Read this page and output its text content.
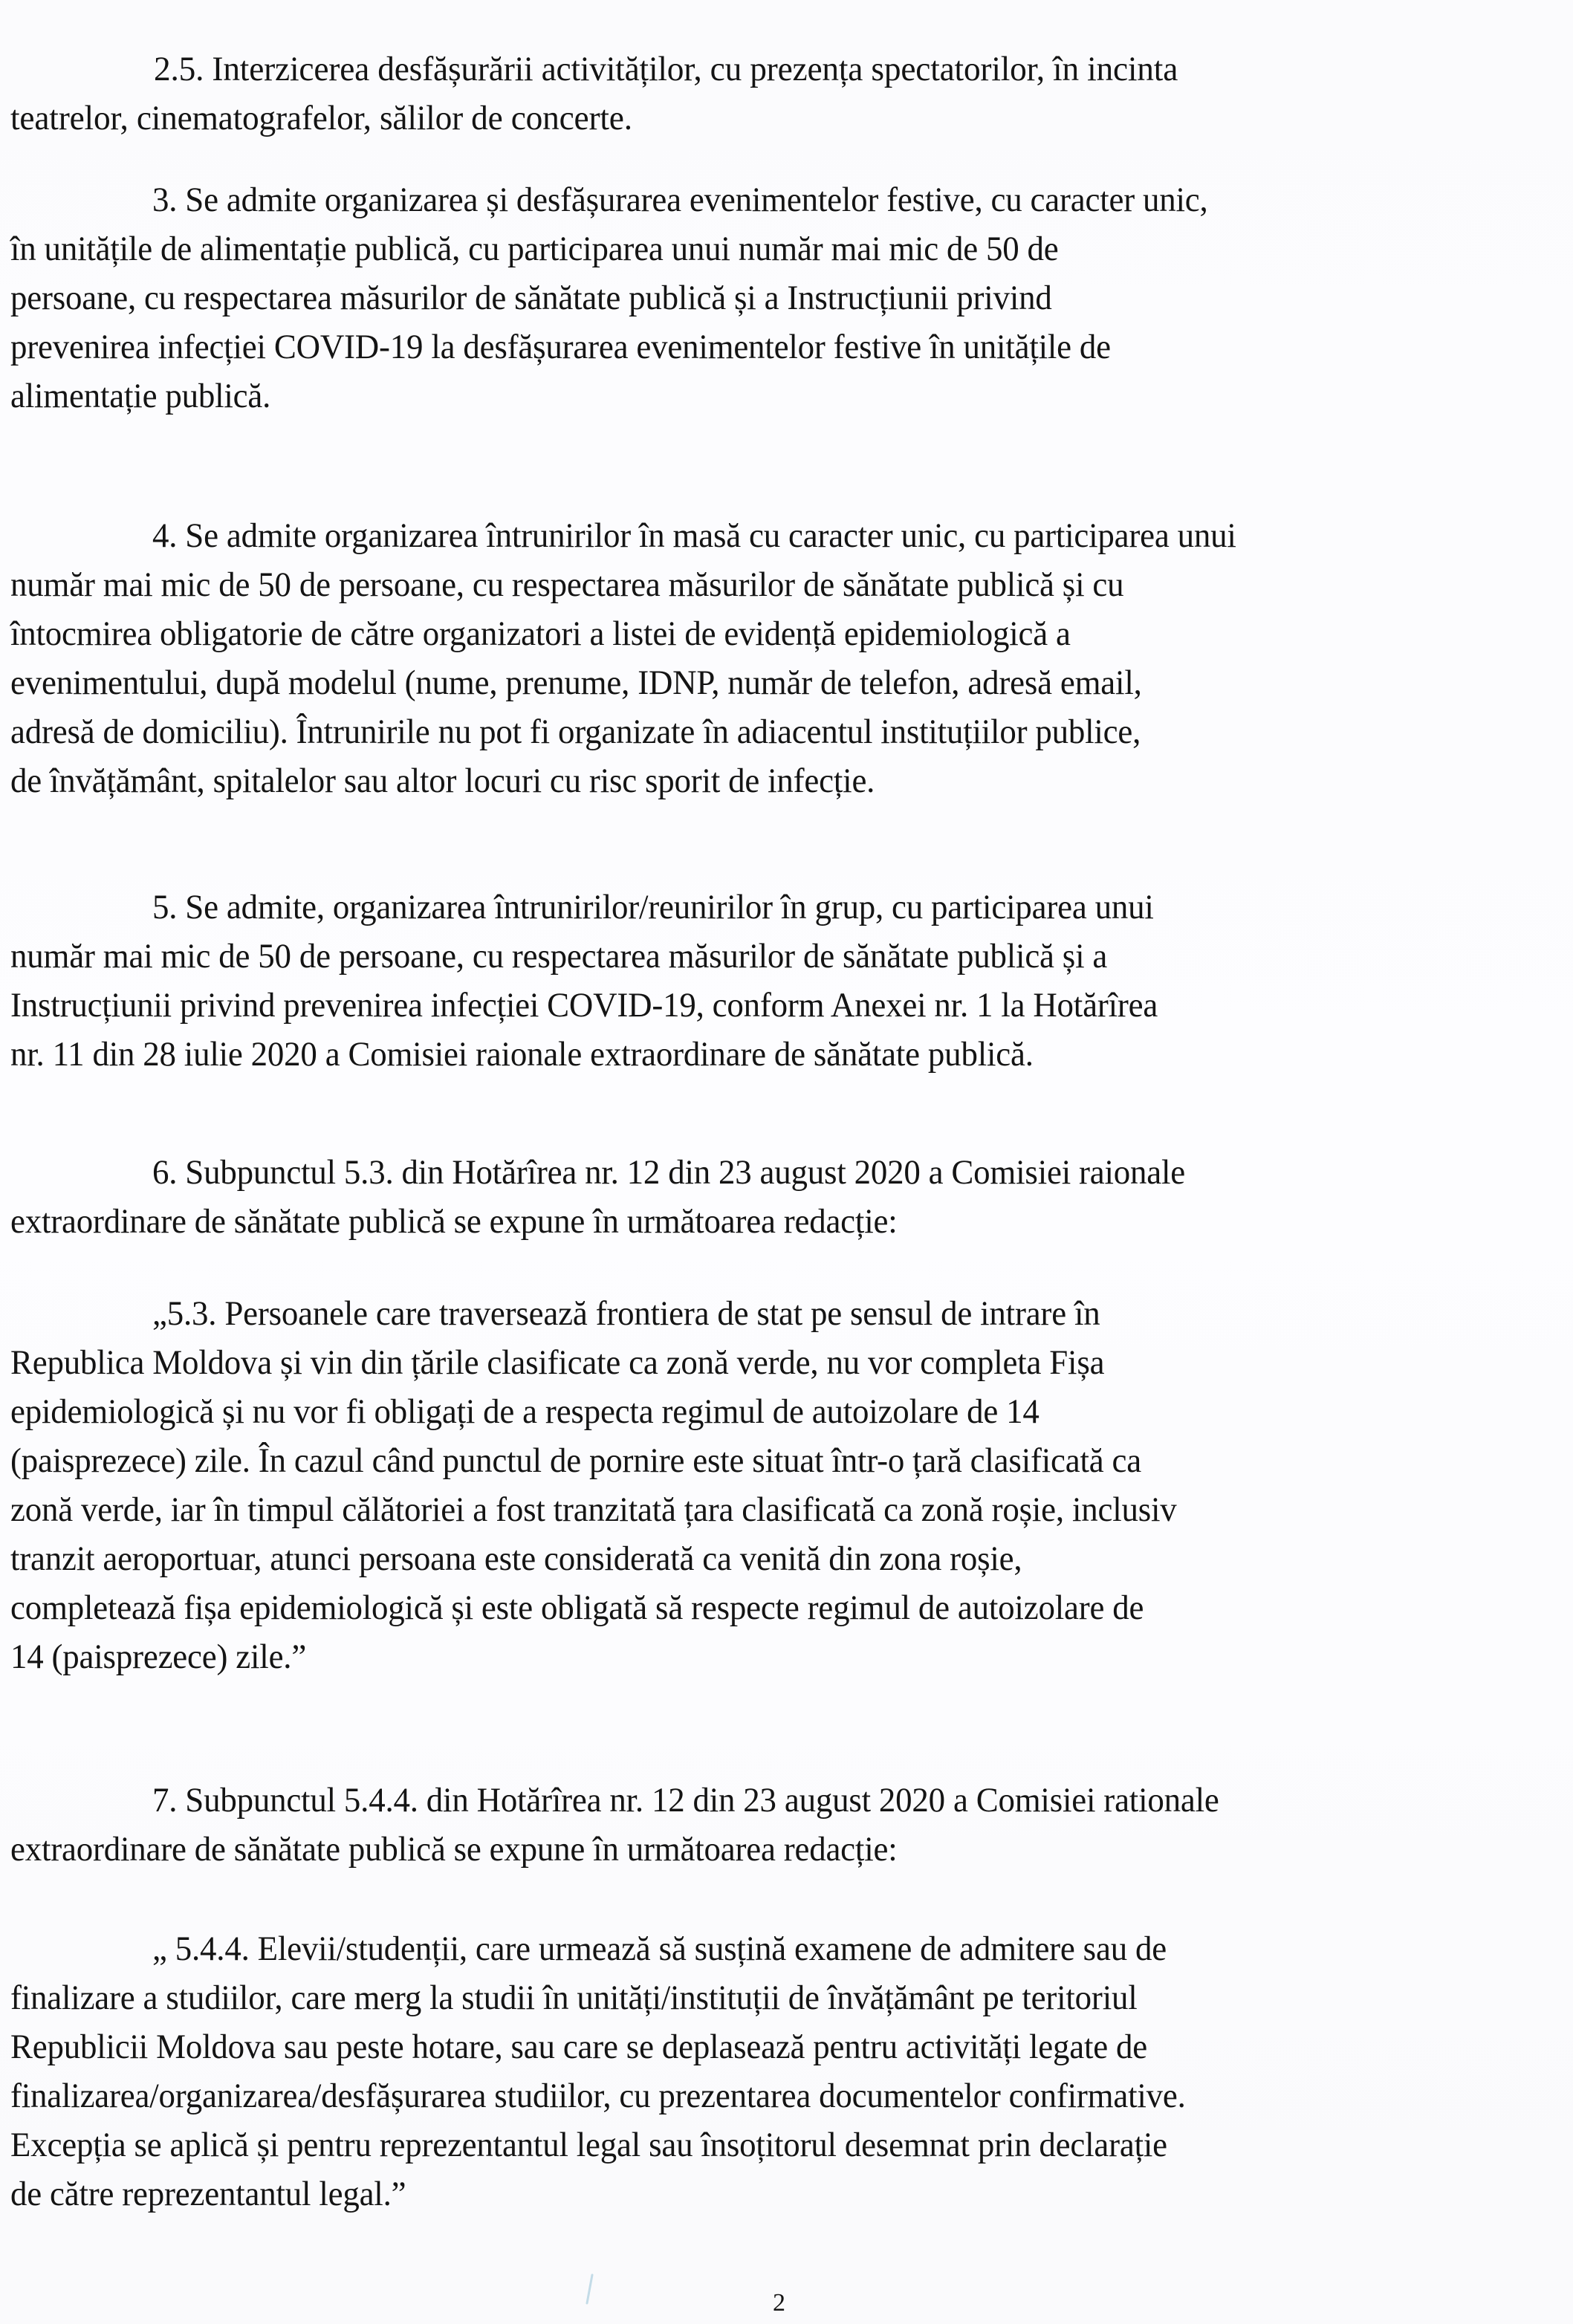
2.5. Interzicerea desfășurării activităților, cu prezența spectatorilor, în incinta
teatrelor, cinematografelor, sălilor de concerte.
3. Se admite organizarea și desfășurarea evenimentelor festive, cu caracter unic,
în unitățile de alimentație publică, cu participarea unui număr mai mic de 50 de
persoane, cu respectarea măsurilor de sănătate publică și a Instrucțiunii privind
prevenirea infecției COVID-19 la desfășurarea evenimentelor festive în unitățile de
alimentație publică.
4. Se admite organizarea întrunirilor în masă cu caracter unic, cu participarea unui
număr mai mic de 50 de persoane, cu respectarea măsurilor de sănătate publică și cu
întocmirea obligatorie de către organizatori a listei de evidență epidemiologică a
evenimentului, după modelul (nume, prenume, IDNP, număr de telefon, adresă email,
adresă de domiciliu). Întrunirile nu pot fi organizate în adiacentul instituțiilor publice,
de învățământ, spitalelor sau altor locuri cu risc sporit de infecție.
5. Se admite, organizarea întrunirilor/reunirilor în grup, cu participarea unui
număr mai mic de 50 de persoane, cu respectarea măsurilor de sănătate publică și a
Instrucțiunii privind prevenirea infecției COVID-19, conform Anexei nr. 1 la Hotărîrea
nr. 11 din 28 iulie 2020 a Comisiei raionale extraordinare de sănătate publică.
6. Subpunctul 5.3. din Hotărîrea nr. 12 din 23 august 2020 a Comisiei raionale
extraordinare de sănătate publică se expune în următoarea redacție:
„5.3. Persoanele care traversează frontiera de stat pe sensul de intrare în
Republica Moldova și vin din țările clasificate ca zonă verde, nu vor completa Fișa
epidemiologică și nu vor fi obligați de a respecta regimul de autoizolare de 14
(paisprezece) zile. În cazul când punctul de pornire este situat într-o țară clasificată ca
zonă verde, iar în timpul călătoriei a fost tranzitată țara clasificată ca zonă roșie, inclusiv
tranzit aeroportuar, atunci persoana este considerată ca venită din zona roșie,
completează fișa epidemiologică și este obligată să respecte regimul de autoizolare de
14 (paisprezece) zile.”
7. Subpunctul 5.4.4. din Hotărîrea nr. 12 din 23 august 2020 a Comisiei rationale
extraordinare de sănătate publică se expune în următoarea redacție:
„ 5.4.4. Elevii/studenții, care urmează să susțină examene de admitere sau de
finalizare a studiilor, care merg la studii în unități/instituții de învățământ pe teritoriul
Republicii Moldova sau peste hotare, sau care se deplasează pentru activități legate de
finalizarea/organizarea/desfășurarea studiilor, cu prezentarea documentelor confirmative.
Excepția se aplică și pentru reprezentantul legal sau însoțitorul desemnat prin declarație
de către reprezentantul legal.”
2
